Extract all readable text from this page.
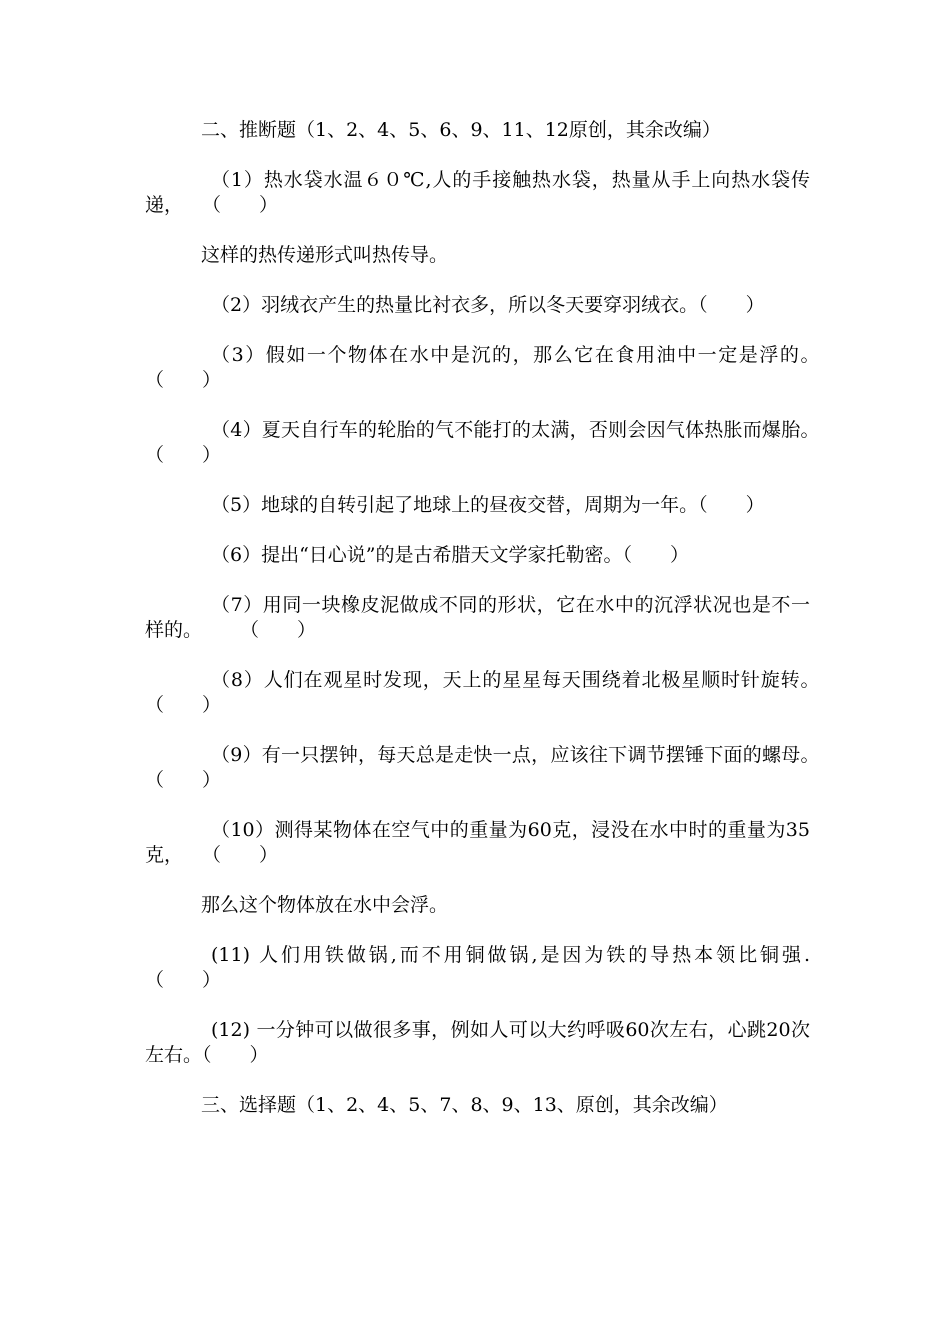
二、推断题（1、2、4、5、6、9、11、12原创，其余改编）

（1）热水袋水温６０℃,人的手接触热水袋，热量从手上向热水袋传递，　　（　　）

这样的热传递形式叫热传导。

（2）羽绒衣产生的热量比衬衣多，所以冬天要穿羽绒衣。（　　）

（3）假如一个物体在水中是沉的，那么它在食用油中一定是浮的。　　（　　）

（4）夏天自行车的轮胎的气不能打的太满，否则会因气体热胀而爆胎。　　（　　）

（5）地球的自转引起了地球上的昼夜交替，周期为一年。（　　）

（6）提出“日心说”的是古希腊天文学家托勒密。（　　）

（7）用同一块橡皮泥做成不同的形状，它在水中的沉浮状况也是不一样的。　　　（　　）

（8）人们在观星时发现，天上的星星每天围绕着北极星顺时针旋转。　　（　　）

（9）有一只摆钟，每天总是走快一点，应该往下调节摆锤下面的螺母。　　　（　　）

（10）测得某物体在空气中的重量为60克，浸没在水中时的重量为35克，　　（　　）

那么这个物体放在水中会浮。

(11) 人们用铁做锅,而不用铜做锅,是因为铁的导热本领比铜强.　　　　　（　　）

(12) 一分钟可以做很多事，例如人可以大约呼吸60次左右，心跳20次左右。（　　）

三、选择题（1、2、4、5、7、8、9、13、原创，其余改编）
